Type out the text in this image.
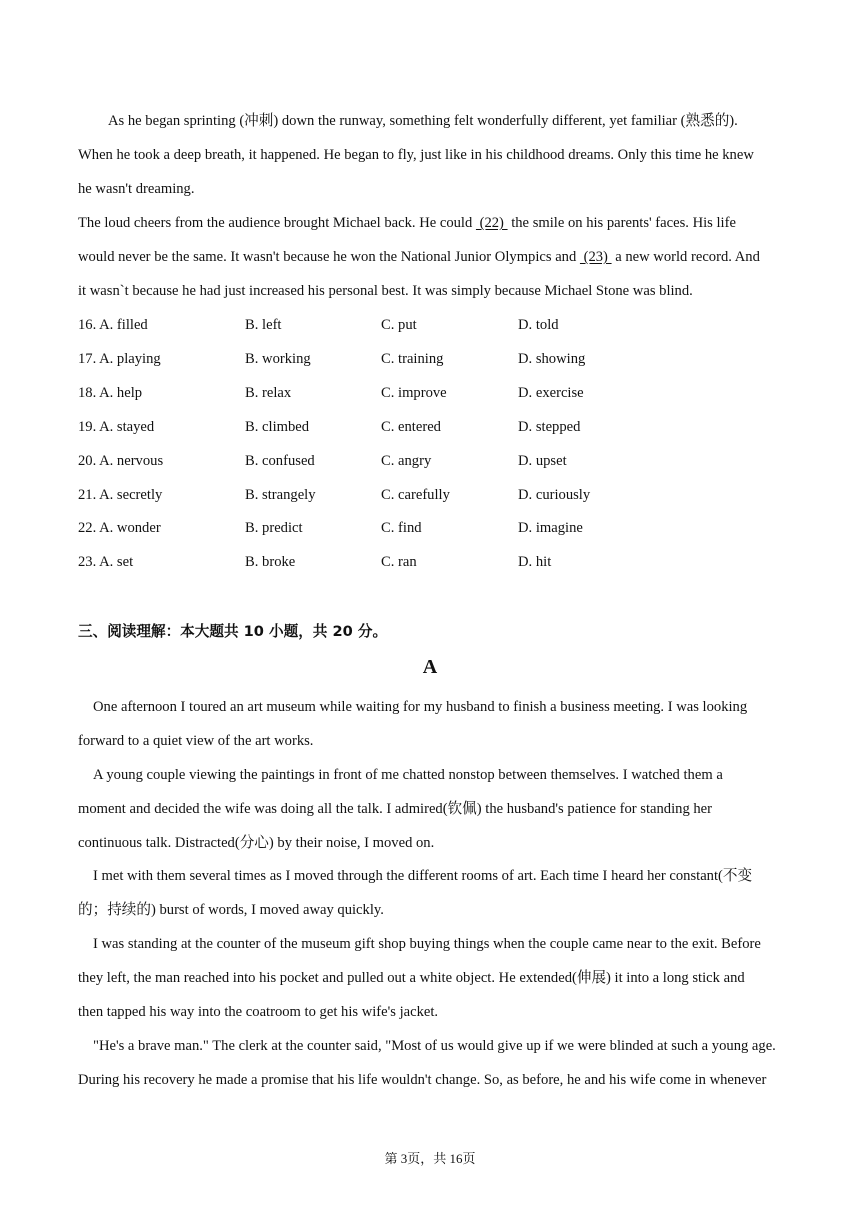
As he began sprinting (冲刺) down the runway, something felt wonderfully different, yet familiar (熟悉的).
When he took a deep breath, it happened. He began to fly, just like in his childhood dreams. Only this time he knew
he wasn't dreaming.
The loud cheers from the audience brought Michael back. He could  (22)  the smile on his parents' faces. His life
would never be the same. It wasn't because he won the National Junior Olympics and  (23)  a new world record. And
it wasn`t because he had just increased his personal best. It was simply because Michael Stone was blind.
16. A. filled	B. left	C. put	D. told
17. A. playing	B. working	C. training	D. showing
18. A. help	B. relax	C. improve	D. exercise
19. A. stayed	B. climbed	C. entered	D. stepped
20. A. nervous	B. confused	C. angry	D. upset
21. A. secretly	B. strangely	C. carefully	D. curiously
22. A. wonder	B. predict	C. find	D. imagine
23. A. set	B. broke	C. ran	D. hit
三、阅读理解：本大题共 10 小题，共 20 分。
A
One afternoon I toured an art museum while waiting for my husband to finish a business meeting. I was looking
forward to a quiet view of the art works.
A young couple viewing the paintings in front of me chatted nonstop between themselves. I watched them a
moment and decided the wife was doing all the talk. I admired(钦佩) the husband's patience for standing her
continuous talk. Distracted(分心) by their noise, I moved on.
I met with them several times as I moved through the different rooms of art. Each time I heard her constant(不变
的；持续的) burst of words, I moved away quickly.
I was standing at the counter of the museum gift shop buying things when the couple came near to the exit. Before
they left, the man reached into his pocket and pulled out a white object. He extended(伸展) it into a long stick and
then tapped his way into the coatroom to get his wife's jacket.
"He's a brave man." The clerk at the counter said, "Most of us would give up if we were blinded at such a young age.
During his recovery he made a promise that his life wouldn't change. So, as before, he and his wife come in whenever
第 3页，共 16页
